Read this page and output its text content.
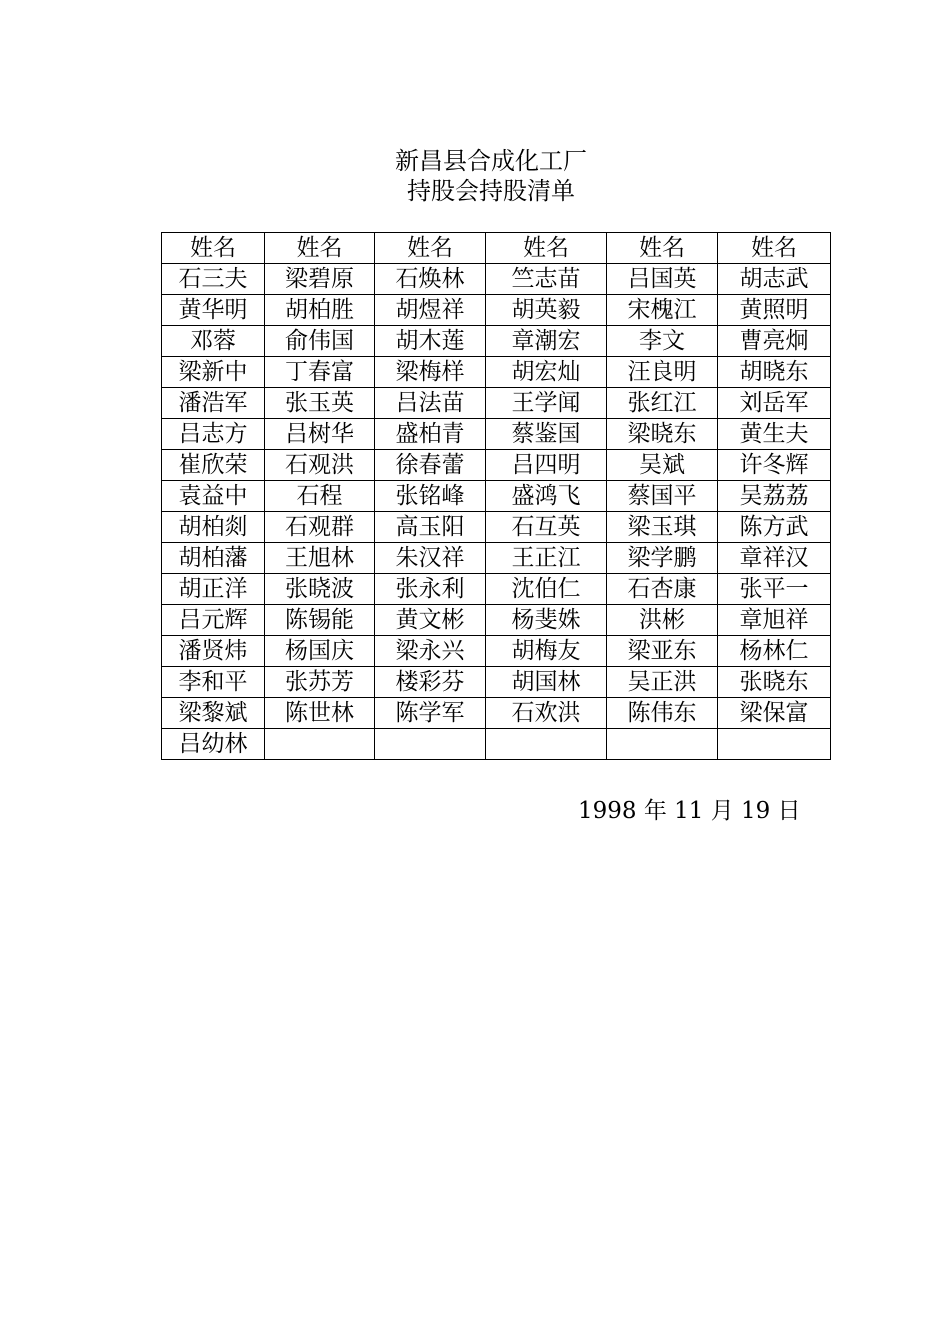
新昌县合成化工厂
持股会持股清单
姓名	姓名	姓名	姓名	姓名	姓名
石三夫	梁碧原	石焕林	竺志苗	吕国英	胡志武
黄华明	胡柏胜	胡煜祥	胡英毅	宋槐江	黄照明
邓蓉	俞伟国	胡木莲	章潮宏	李文	曹亮炯
梁新中	丁春富	梁梅样	胡宏灿	汪良明	胡晓东
潘浩军	张玉英	吕法苗	王学闻	张红江	刘岳军
吕志方	吕树华	盛柏青	蔡鉴国	梁晓东	黄生夫
崔欣荣	石观洪	徐春蕾	吕四明	吴斌	许冬辉
袁益中	石程	张铭峰	盛鸿飞	蔡国平	吴荔荔
胡柏剡	石观群	高玉阳	石互英	梁玉琪	陈方武
胡柏藩	王旭林	朱汉祥	王正江	梁学鹏	章祥汉
胡正洋	张晓波	张永利	沈伯仁	石杏康	张平一
吕元辉	陈锡能	黄文彬	杨斐姝	洪彬	章旭祥
潘贤炜	杨国庆	梁永兴	胡梅友	梁亚东	杨林仁
李和平	张苏芳	楼彩芬	胡国林	吴正洪	张晓东
梁黎斌	陈世林	陈学军	石欢洪	陈伟东	梁保富
吕幼林					
1998 年 11 月 19 日
